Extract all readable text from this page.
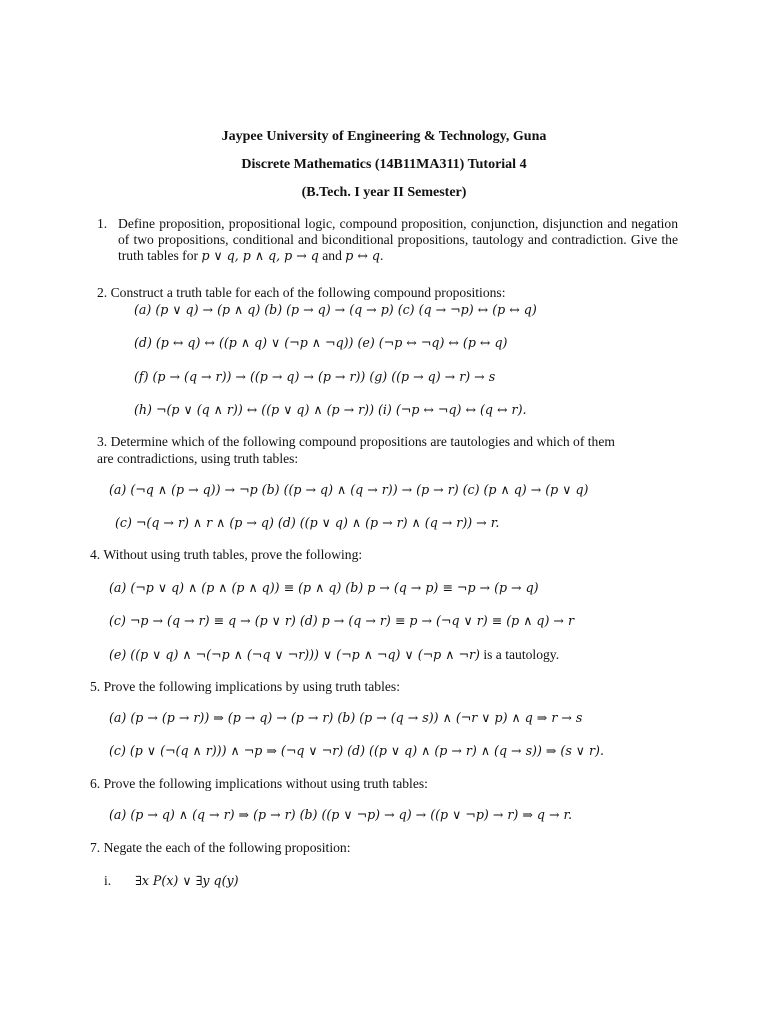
Jaypee University of Engineering & Technology, Guna
Discrete Mathematics (14B11MA311) Tutorial 4
(B.Tech. I year II Semester)
1. Define proposition, propositional logic, compound proposition, conjunction, disjunction and negation of two propositions, conditional and biconditional propositions, tautology and contradiction. Give the truth tables for p ∨ q, p ∧ q, p → q and p ↔ q.
2. Construct a truth table for each of the following compound propositions:
(a) (p ∨ q) → (p ∧ q) (b) (p → q) → (q → p) (c) (q → ¬p) ↔ (p ↔ q)
(d) (p ↔ q) ↔ ((p ∧ q) ∨ (¬p ∧ ¬q)) (e) (¬p ↔ ¬q) ↔ (p ↔ q)
(f) (p → (q → r)) → ((p → q) → (p → r)) (g) ((p → q) → r) → s
(h) ¬(p ∨ (q ∧ r)) ↔ ((p ∨ q) ∧ (p → r)) (i) (¬p ↔ ¬q) ↔ (q ↔ r).
3. Determine which of the following compound propositions are tautologies and which of them
are contradictions, using truth tables:
(a) (¬q ∧ (p → q)) → ¬p (b) ((p → q) ∧ (q → r)) → (p → r) (c) (p ∧ q) → (p ∨ q)
(c) ¬(q → r) ∧ r ∧ (p → q) (d) ((p ∨ q) ∧ (p → r) ∧ (q → r)) → r.
4. Without using truth tables, prove the following:
(a) (¬p ∨ q) ∧ (p ∧ (p ∧ q)) ≡ (p ∧ q) (b) p → (q → p) ≡ ¬p → (p → q)
(c) ¬p → (q → r) ≡ q → (p ∨ r) (d) p → (q → r) ≡ p → (¬q ∨ r) ≡ (p ∧ q) → r
(e) ((p ∨ q) ∧ ¬(¬p ∧ (¬q ∨ ¬r))) ∨ (¬p ∧ ¬q) ∨ (¬p ∧ ¬r) is a tautology.
5. Prove the following implications by using truth tables:
(a) (p → (p → r)) ⇒ (p → q) → (p → r) (b) (p → (q → s)) ∧ (¬r ∨ p) ∧ q ⇒ r → s
(c) (p ∨ (¬(q ∧ r))) ∧ ¬p ⇒ (¬q ∨ ¬r) (d) ((p ∨ q) ∧ (p → r) ∧ (q → s)) ⇒ (s ∨ r).
6. Prove the following implications without using truth tables:
(a) (p → q) ∧ (q → r) ⇒ (p → r) (b) ((p ∨ ¬p) → q) → ((p ∨ ¬p) → r) ⇒ q → r.
7. Negate the each of the following proposition:
i. ∃x P(x) ∨ ∃y q(y)
